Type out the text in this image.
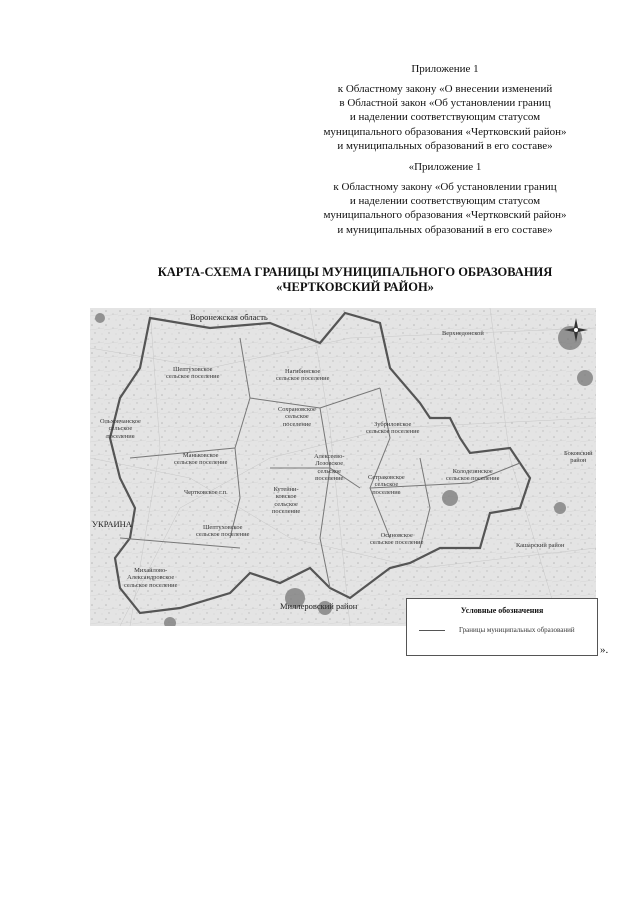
Приложение 1
к Областному закону «О внесении изменений
в Областной закон «Об установлении границ
и наделении соответствующим статусом
муниципального образования «Чертковский район»
и муниципальных образований в его составе»
«Приложение 1
к Областному закону «Об установлении границ
и наделении соответствующим статусом
муниципального образования «Чертковский район»
и муниципальных образований в его составе»
КАРТА-СХЕМА ГРАНИЦЫ МУНИЦИПАЛЬНОГО ОБРАЗОВАНИЯ
«ЧЕРТКОВСКИЙ РАЙОН»
Воронежская область
УКРАИНА
Миллеровский район
Верхнедонской
Боковский
район
Кашарский район
Шептуховское
сельское поселение
Нагибинское
сельское поселение
Ольховчанское
сельское
поселение
Сохрановское
сельское
поселение	Зубриловское
сельское поселение
Маньковское
сельское поселение
Алексеево-
Лозовское
сельское
поселение	Сетраковское
сельское
поселение
Колодезянское
сельское поселение
Чертковское г.п.	Кутейни-
ковское
сельское
поселение
Шептуховское
сельское поселение	Осиновское
сельское поселение
Михайлово-
Александровское
сельское поселение
Условные обозначения
Границы муниципальных образований
».
